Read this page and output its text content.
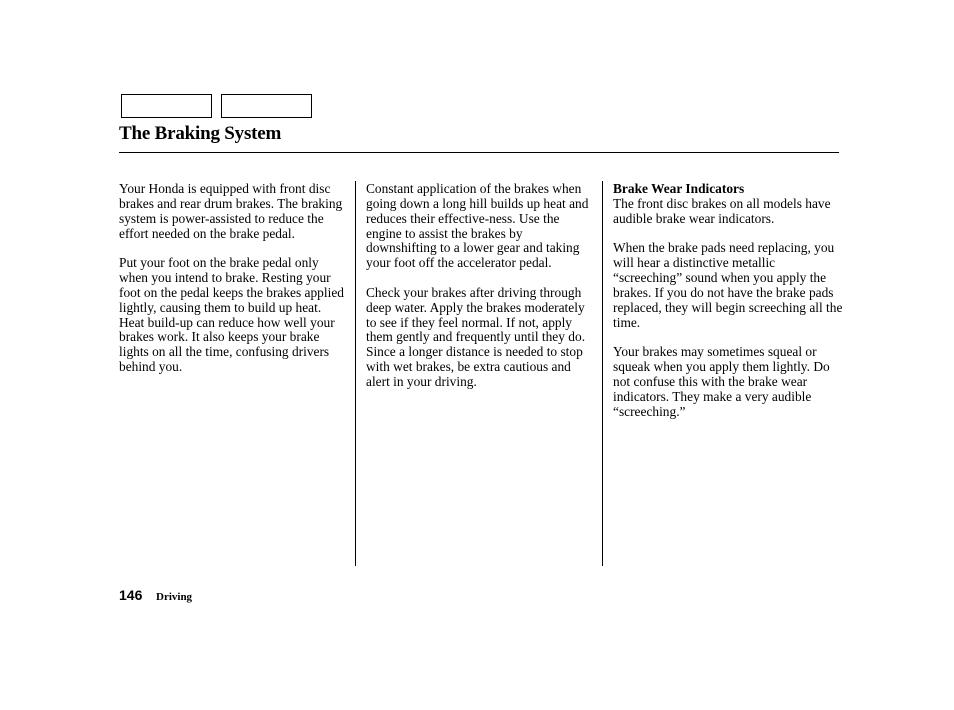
The Braking System

Your Honda is equipped with front disc brakes and rear drum brakes. The braking system is power-assisted to reduce the effort needed on the brake pedal.

Put your foot on the brake pedal only when you intend to brake. Resting your foot on the pedal keeps the brakes applied lightly, causing them to build up heat. Heat build-up can reduce how well your brakes work. It also keeps your brake lights on all the time, confusing drivers behind you.

Constant application of the brakes when going down a long hill builds up heat and reduces their effective-ness. Use the engine to assist the brakes by downshifting to a lower gear and taking your foot off the accelerator pedal.

Check your brakes after driving through deep water. Apply the brakes moderately to see if they feel normal. If not, apply them gently and frequently until they do. Since a longer distance is needed to stop with wet brakes, be extra cautious and alert in your driving.

Brake Wear Indicators
The front disc brakes on all models have audible brake wear indicators.

When the brake pads need replacing, you will hear a distinctive metallic “screeching” sound when you apply the brakes. If you do not have the brake pads replaced, they will begin screeching all the time.

Your brakes may sometimes squeal or squeak when you apply them lightly. Do not confuse this with the brake wear indicators. They make a very audible “screeching.”

146 Driving
